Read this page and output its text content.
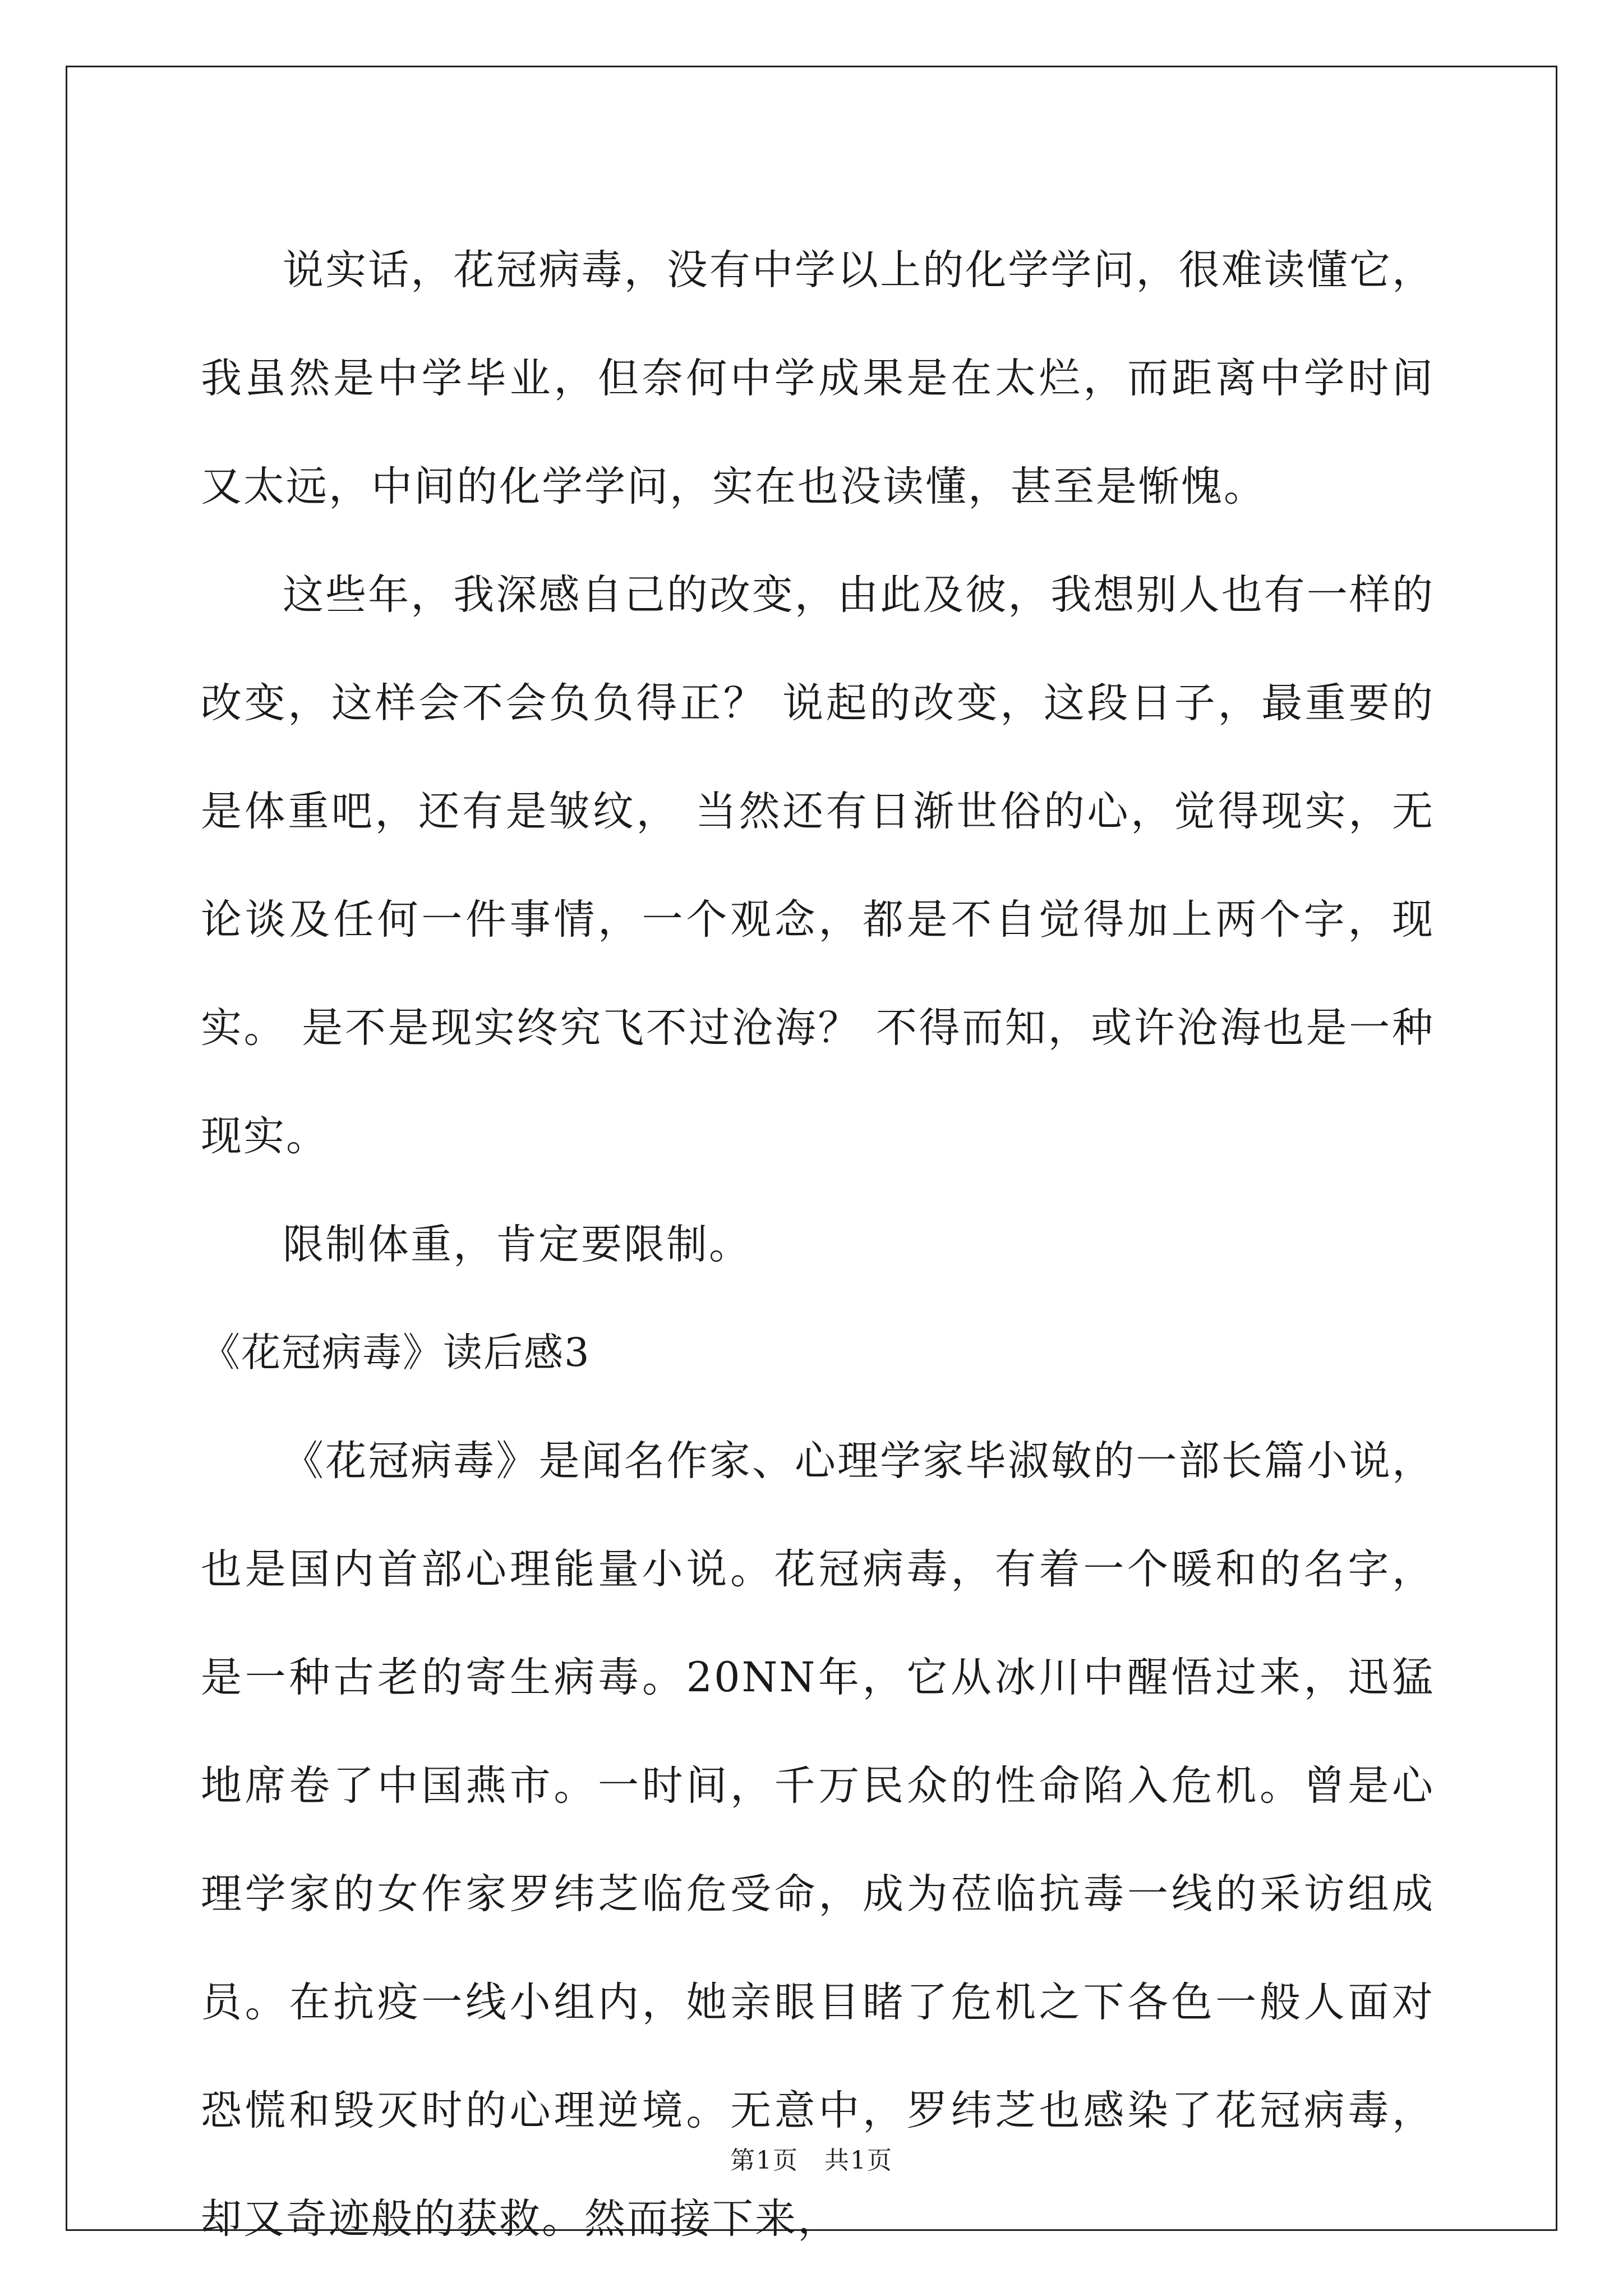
说实话，花冠病毒，没有中学以上的化学学问，很难读懂它，我虽然是中学毕业，但奈何中学成果是在太烂，而距离中学时间又太远，中间的化学学问，实在也没读懂，甚至是惭愧。

这些年，我深感自己的改变，由此及彼，我想别人也有一样的改变，这样会不会负负得正？ 说起的改变，这段日子，最重要的是体重吧，还有是皱纹， 当然还有日渐世俗的心，觉得现实，无论谈及任何一件事情，一个观念，都是不自觉得加上两个字，现实。 是不是现实终究飞不过沧海？ 不得而知，或许沧海也是一种现实。

限制体重，肯定要限制。

《花冠病毒》读后感3

《花冠病毒》是闻名作家、心理学家毕淑敏的一部长篇小说，也是国内首部心理能量小说。花冠病毒，有着一个暖和的名字，是一种古老的寄生病毒。20NN年，它从冰川中醒悟过来，迅猛地席卷了中国燕市。一时间，千万民众的性命陷入危机。曾是心理学家的女作家罗纬芝临危受命，成为莅临抗毒一线的采访组成员。在抗疫一线小组内，她亲眼目睹了危机之下各色一般人面对恐慌和毁灭时的心理逆境。无意中，罗纬芝也感染了花冠病毒，却又奇迹般的获救。然而接下来，

第1页　共1页
